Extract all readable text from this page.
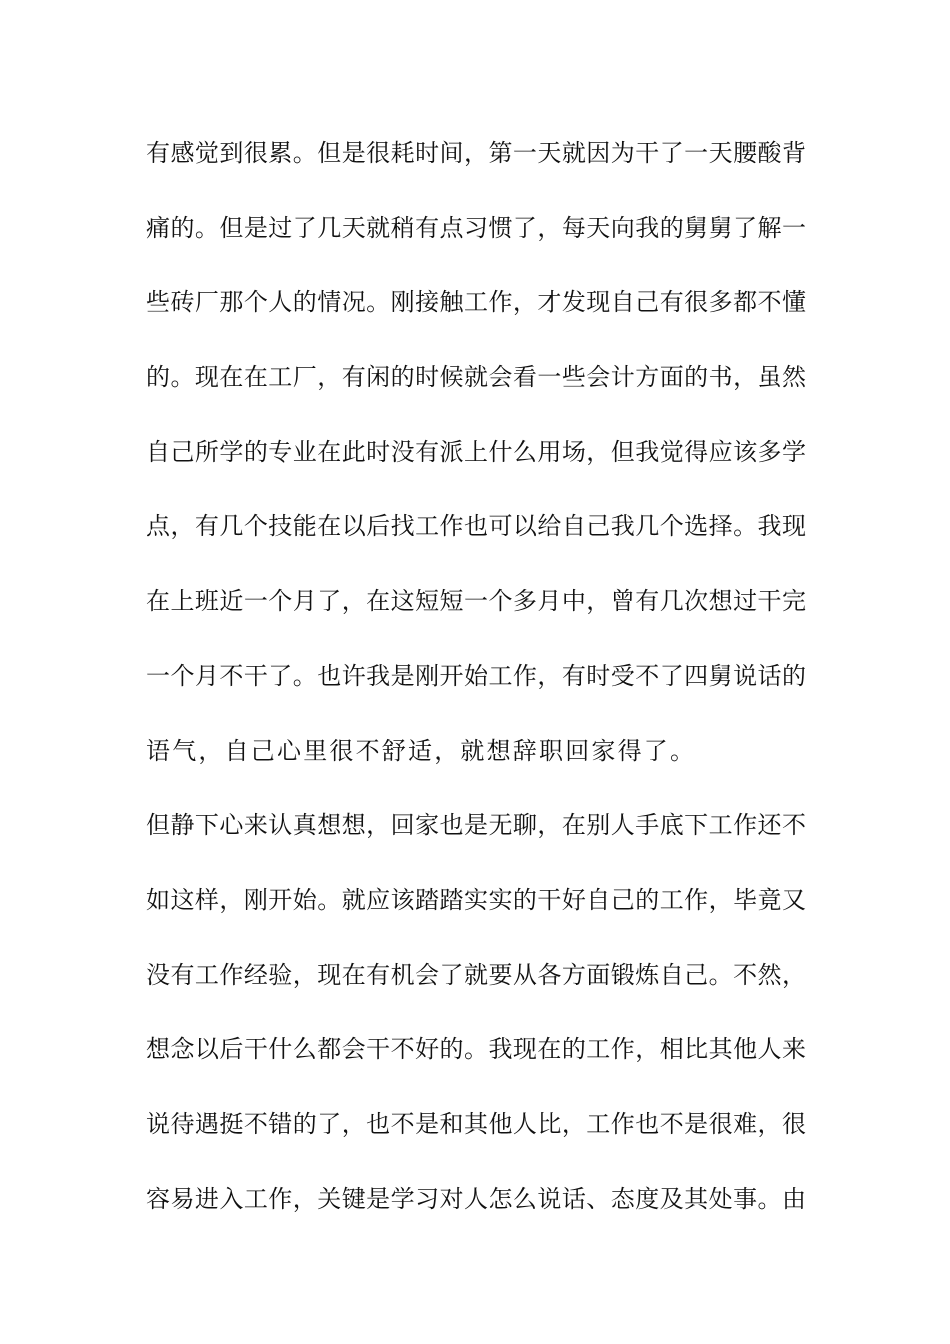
有感觉到很累。但是很耗时间，第一天就因为干了一天腰酸背
痛的。但是过了几天就稍有点习惯了，每天向我的舅舅了解一
些砖厂那个人的情况。刚接触工作，才发现自己有很多都不懂
的。现在在工厂，有闲的时候就会看一些会计方面的书，虽然
自己所学的专业在此时没有派上什么用场，但我觉得应该多学
点，有几个技能在以后找工作也可以给自己我几个选择。我现
在上班近一个月了，在这短短一个多月中，曾有几次想过干完
一个月不干了。也许我是刚开始工作，有时受不了四舅说话的
语气，自己心里很不舒适，就想辞职回家得了。
但静下心来认真想想，回家也是无聊，在别人手底下工作还不
如这样，刚开始。就应该踏踏实实的干好自己的工作，毕竟又
没有工作经验，现在有机会了就要从各方面锻炼自己。不然，
想念以后干什么都会干不好的。我现在的工作，相比其他人来
说待遇挺不错的了，也不是和其他人比，工作也不是很难，很
容易进入工作，关键是学习对人怎么说话、态度及其处事。由
